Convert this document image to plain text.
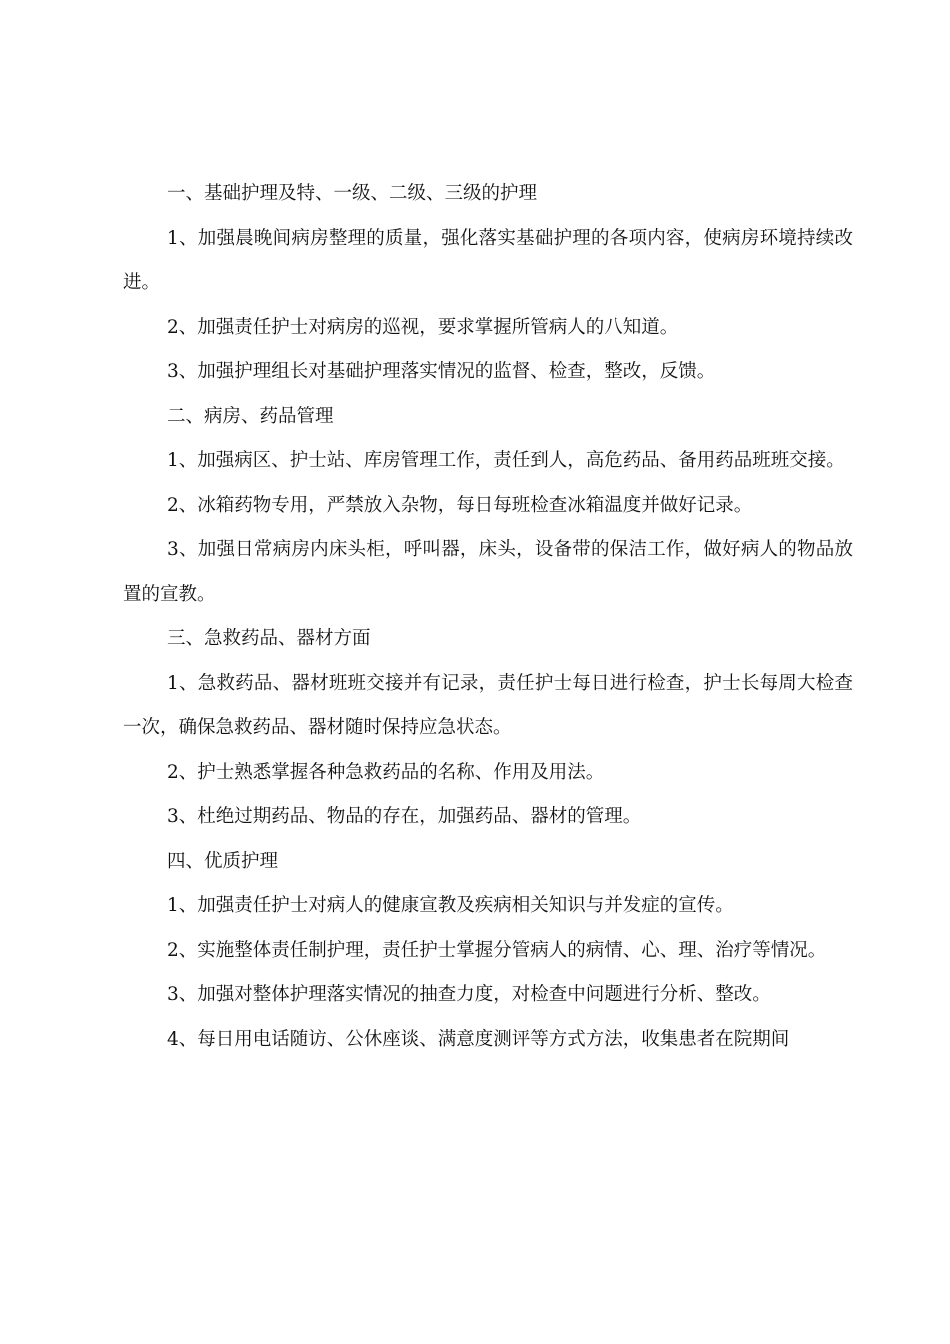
一、基础护理及特、一级、二级、三级的护理

1、加强晨晚间病房整理的质量，强化落实基础护理的各项内容，使病房环境持续改进。

2、加强责任护士对病房的巡视，要求掌握所管病人的八知道。

3、加强护理组长对基础护理落实情况的监督、检查，整改，反馈。

二、病房、药品管理

1、加强病区、护士站、库房管理工作，责任到人，高危药品、备用药品班班交接。

2、冰箱药物专用，严禁放入杂物，每日每班检查冰箱温度并做好记录。

3、加强日常病房内床头柜，呼叫器，床头，设备带的保洁工作，做好病人的物品放置的宣教。

三、急救药品、器材方面

1、急救药品、器材班班交接并有记录，责任护士每日进行检查，护士长每周大检查一次，确保急救药品、器材随时保持应急状态。

2、护士熟悉掌握各种急救药品的名称、作用及用法。

3、杜绝过期药品、物品的存在，加强药品、器材的管理。

四、优质护理

1、加强责任护士对病人的健康宣教及疾病相关知识与并发症的宣传。

2、实施整体责任制护理，责任护士掌握分管病人的病情、心、理、治疗等情况。

3、加强对整体护理落实情况的抽查力度，对检查中问题进行分析、整改。

4、每日用电话随访、公休座谈、满意度测评等方式方法，收集患者在院期间
